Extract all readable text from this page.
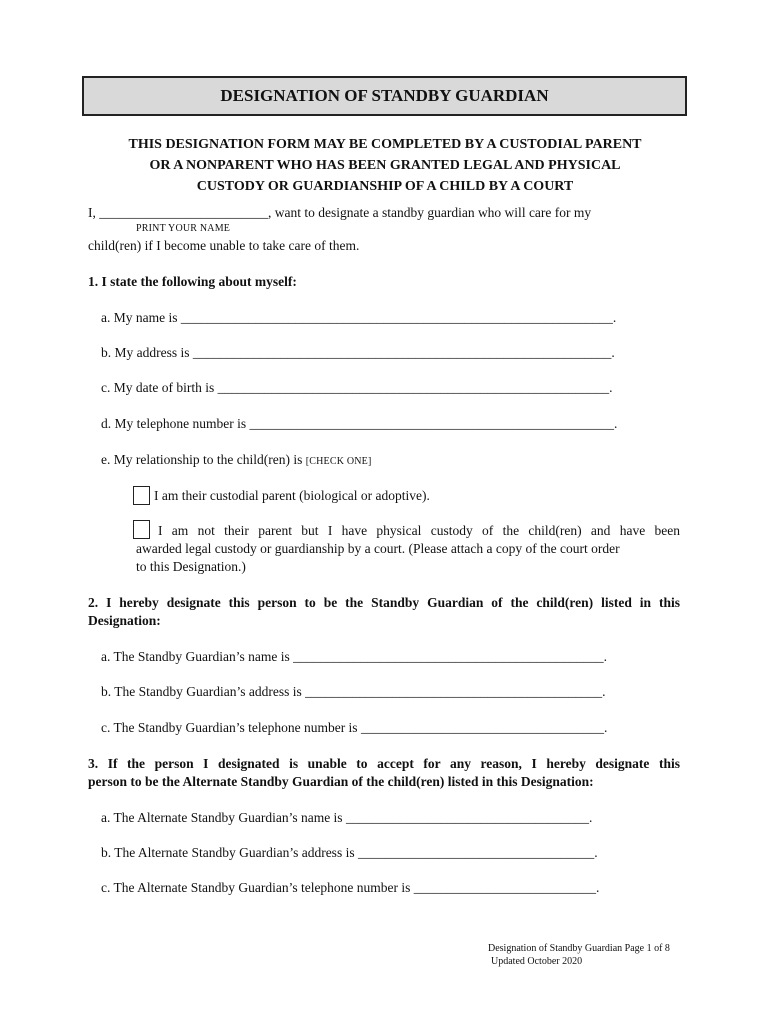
DESIGNATION OF STANDBY GUARDIAN
THIS DESIGNATION FORM MAY BE COMPLETED BY A CUSTODIAL PARENT
OR A NONPARENT WHO HAS BEEN GRANTED LEGAL AND PHYSICAL
CUSTODY OR GUARDIANSHIP OF A CHILD BY A COURT
I, _________________________, want to designate a standby guardian who will care for my
PRINT YOUR NAME
child(ren) if I become unable to take care of them.
1. I state the following about myself:
a. My name is ________________________________________________________________.
b. My address is ______________________________________________________________.
c. My date of birth is __________________________________________________________.
d. My telephone number is ______________________________________________________.
e. My relationship to the child(ren) is [CHECK ONE]
I am their custodial parent (biological or adoptive).
I am not their parent but I have physical custody of the child(ren) and have been
awarded legal custody or guardianship by a court. (Please attach a copy of the court order
to this Designation.)
2. I hereby designate this person to be the Standby Guardian of the child(ren) listed in this
Designation:
a. The Standby Guardian’s name is ______________________________________________.
b. The Standby Guardian’s address is ____________________________________________.
c. The Standby Guardian’s telephone number is ____________________________________.
3. If the person I designated is unable to accept for any reason, I hereby designate this
person to be the Alternate Standby Guardian of the child(ren) listed in this Designation:
a. The Alternate Standby Guardian’s name is ____________________________________.
b. The Alternate Standby Guardian’s address is ___________________________________.
c. The Alternate Standby Guardian’s telephone number is ___________________________.
Designation of Standby Guardian Page 1 of 8
Updated October 2020
